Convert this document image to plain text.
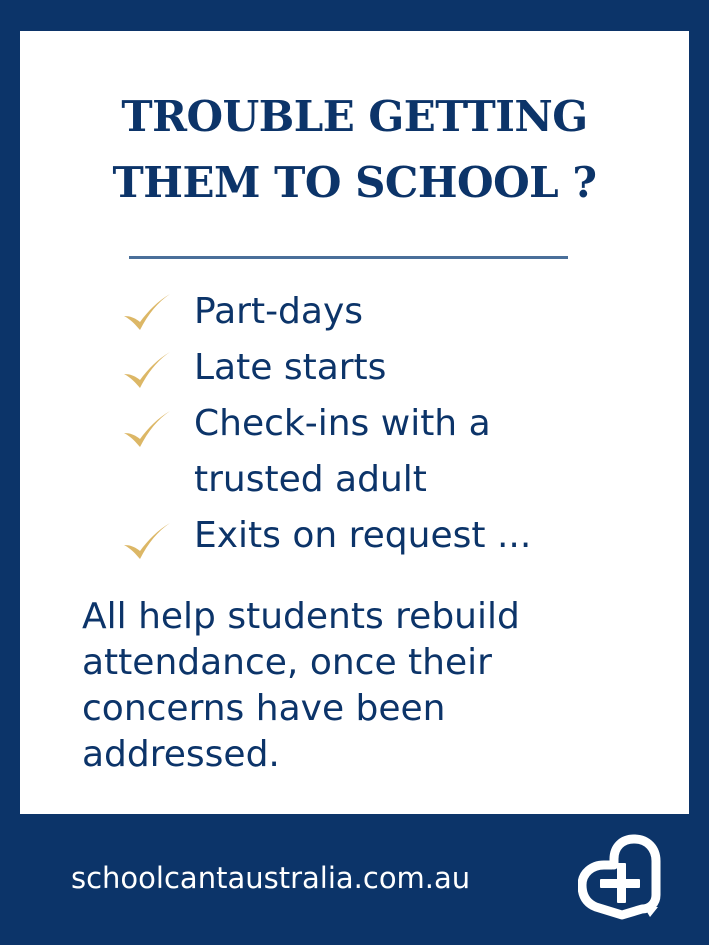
TROUBLE GETTING
THEM TO SCHOOL ?
Part-days
Late starts
Check-ins with a
trusted adult
Exits on request ...

All help students rebuild
attendance, once their
concerns have been
addressed.

schoolcantaustralia.com.au
